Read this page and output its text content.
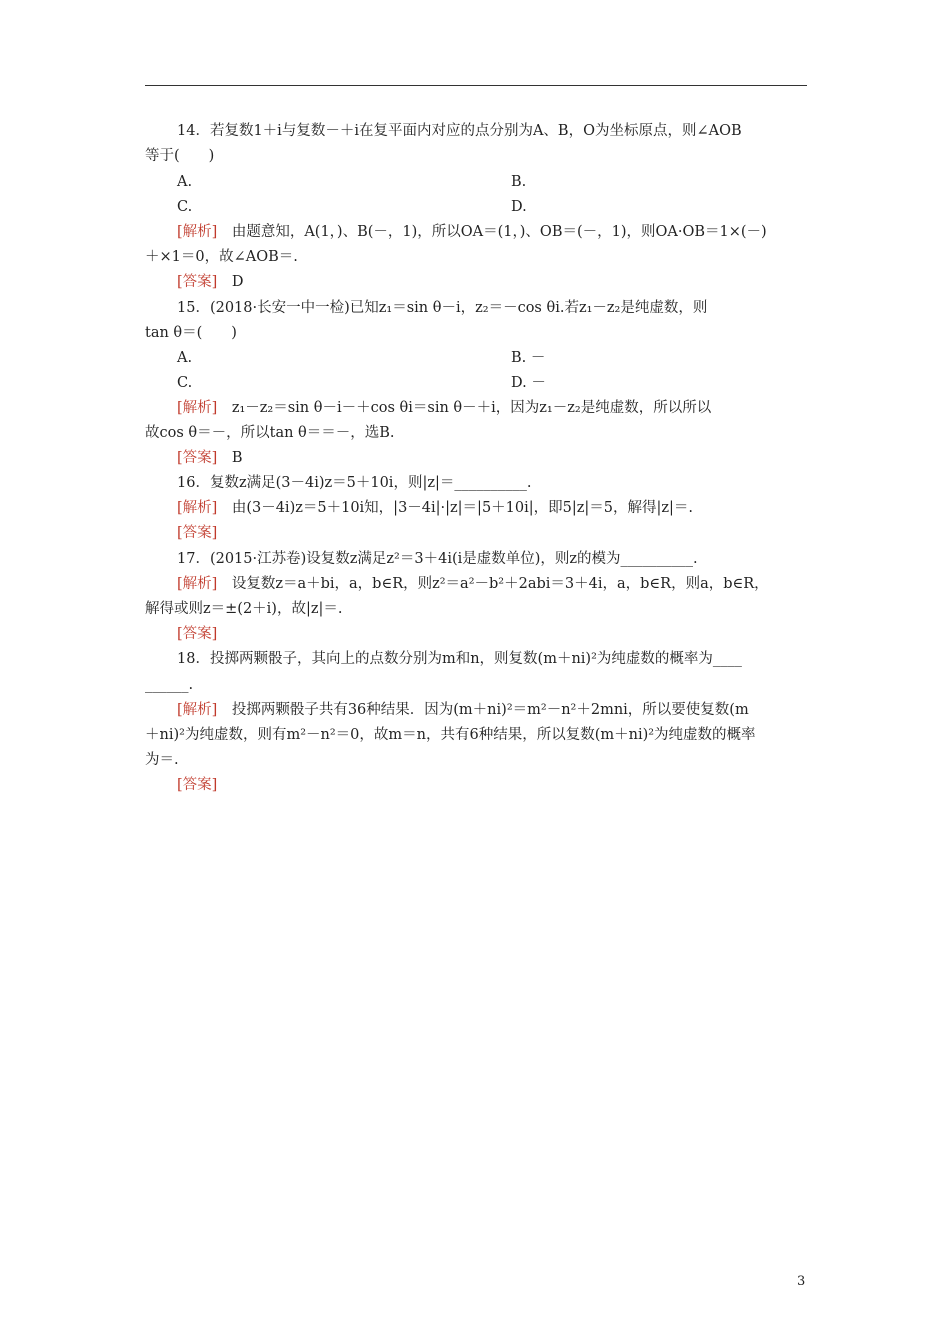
14．若复数1＋i与复数－＋i在复平面内对应的点分别为A、B，O为坐标原点，则∠AOB
等于(　　)
A.	B.
C.	D.
[解析]　 由题意知，A(1，)、B(－，1)，所以OA＝(1，)、OB＝(－，1)，则OA·OB＝1×(－)
＋×1＝0，故∠AOB＝.
[答案]　 D
15．(2018·长安一中一检)已知z₁＝sin θ－i，z₂＝－cos θi.若z₁－z₂是纯虚数，则
tan θ＝(　　)
A.	B. －
C.	D. －
[解析]　 z₁－z₂＝sin θ－i－＋cos θi＝sin θ－＋i，因为z₁－z₂是纯虚数，所以所以
故cos θ＝－，所以tan θ＝＝－，选B.
[答案]　 B
16．复数z满足(3－4i)z＝5＋10i，则|z|＝__________.
[解析]　 由(3－4i)z＝5＋10i知，|3－4i|·|z|＝|5＋10i|，即5|z|＝5，解得|z|＝.
[答案]
17．(2015·江苏卷)设复数z满足z²＝3＋4i(i是虚数单位)，则z的模为__________.
[解析]　 设复数z＝a＋bi，a，b∈R，则z²＝a²－b²＋2abi＝3＋4i，a，b∈R，则a，b∈R，
解得或则z＝±(2＋i)，故|z|＝.
[答案]
18．投掷两颗骰子，其向上的点数分别为m和n，则复数(m＋ni)²为纯虚数的概率为____
______.
[解析]　 投掷两颗骰子共有36种结果．因为(m＋ni)²＝m²－n²＋2mni，所以要使复数(m
＋ni)²为纯虚数，则有m²－n²＝0，故m＝n，共有6种结果，所以复数(m＋ni)²为纯虚数的概率
为＝.
[答案]
3
